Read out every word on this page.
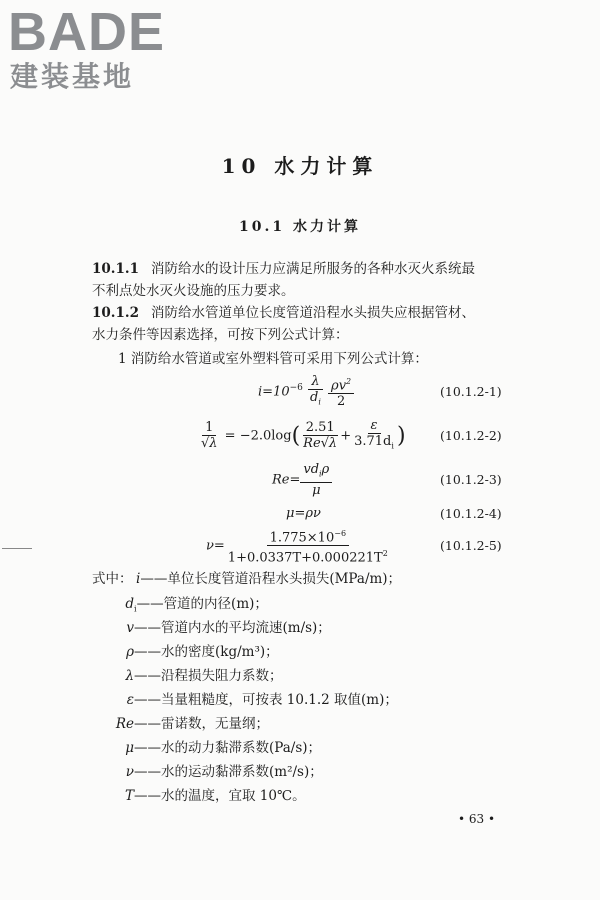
BADE
建装基地
10 水力计算
10.1 水力计算
10.1.1 消防给水的设计压力应满足所服务的各种水灭火系统最
不利点处水灭火设施的压力要求。
10.1.2 消防给水管道单位长度管道沿程水头损失应根据管材、
水力条件等因素选择，可按下列公式计算：
1 消防给水管道或室外塑料管可采用下列公式计算：
$i=10^{-6} \frac{\lambda}{d_i}$
$\frac{\rho v^2}{2}$	(10.1.2-1)
$\frac{1}{√\lambda} = -2.0\log( \frac{2.51}{Re√\lambda} + \frac{\varepsilon}{3.71d_i}$ )	(10.1.2-2)
$Re= \frac{vd_i\rho}{\mu}$	(10.1.2-3)
μ=ρν	(10.1.2-4)
$\nu= \frac{1.775\times 10^{-6}}{1+0.0337T+0.000221T^2}$	(10.1.2-5)
式中： i——单位长度管道沿程水头损失(MPa/m)；
$d_i——$管道的内径(m)；
v——管道内水的平均流速(m/s)；
ρ——水的密度(kg/m³)；
λ——沿程损失阻力系数；
ε——当量粗糙度，可按表 10.1.2 取值(m)；
Re——雷诺数，无量纲；
μ——水的动力黏滞系数(Pa/s)；
ν——水的运动黏滞系数(m²/s)；
T——水的温度，宜取 10℃。
• 63 •
